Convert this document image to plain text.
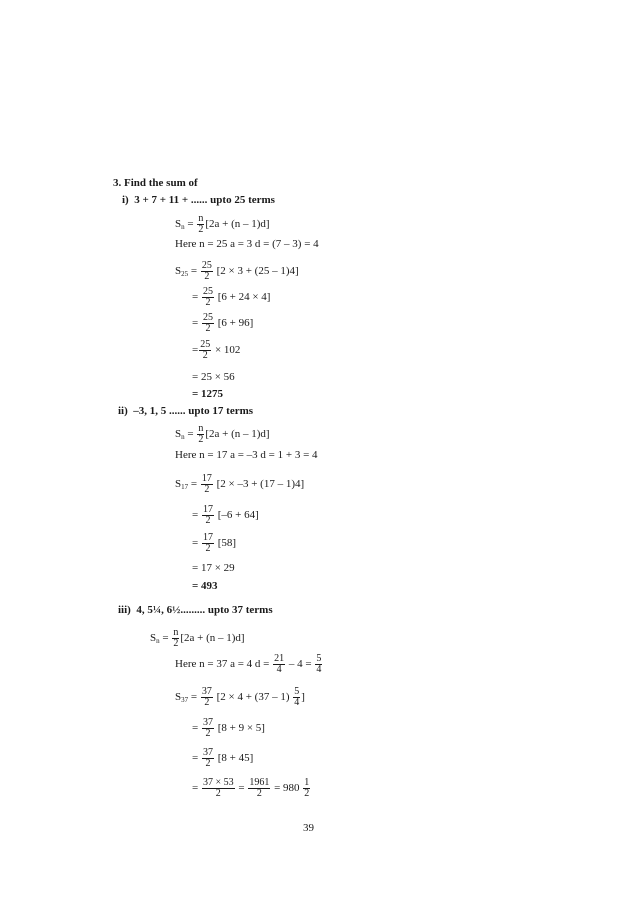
3. Find the sum of
i) 3 + 7 + 11 + ...... upto 25 terms
$S_n = \frac{n}{2} [2a + (n - 1)d]$
Here n = 25 a = 3 d = (7 – 3) = 4
$S_{25} = \frac{25}{2} [2 \times 3 + (25 - 1)4]$
= $\frac{25}{2} [6 + 24 \times 4]$
= $\frac{25}{2} [6 + 96]$
= $\frac{25}{2} \times 102$
= 25 × 56
= 1275
ii) –3, 1, 5 ...... upto 17 terms
$S_n = \frac{n}{2} [2a + (n - 1)d]$
Here n = 17 a = –3 d = 1 + 3 = 4
$S_{17} = \frac{17}{2} [2 \times -3 + (17 - 1)4]$
= $\frac{17}{2} [-6 + 64]$
= $\frac{17}{2} [58]$
= 17 × 29
= 493
iii) 4, 5¼, 6½......... upto 37 terms
$S_n = \frac{n}{2} [2a + (n - 1)d]$
Here n = 37 a = 4 $d = \frac{21}{4} - 4 = \frac{5}{4}$
$S_{37} = \frac{37}{2} [2 \times 4 + (37 - 1) \frac{5}{4}$ ]
= $\frac{37}{2} [8 + 9 \times 5]$
= $\frac{37}{2} [8 + 45]$
= $\frac{37 \times 53}{2} = \frac{1961}{2} = 980 \frac{1}{2}$
39
